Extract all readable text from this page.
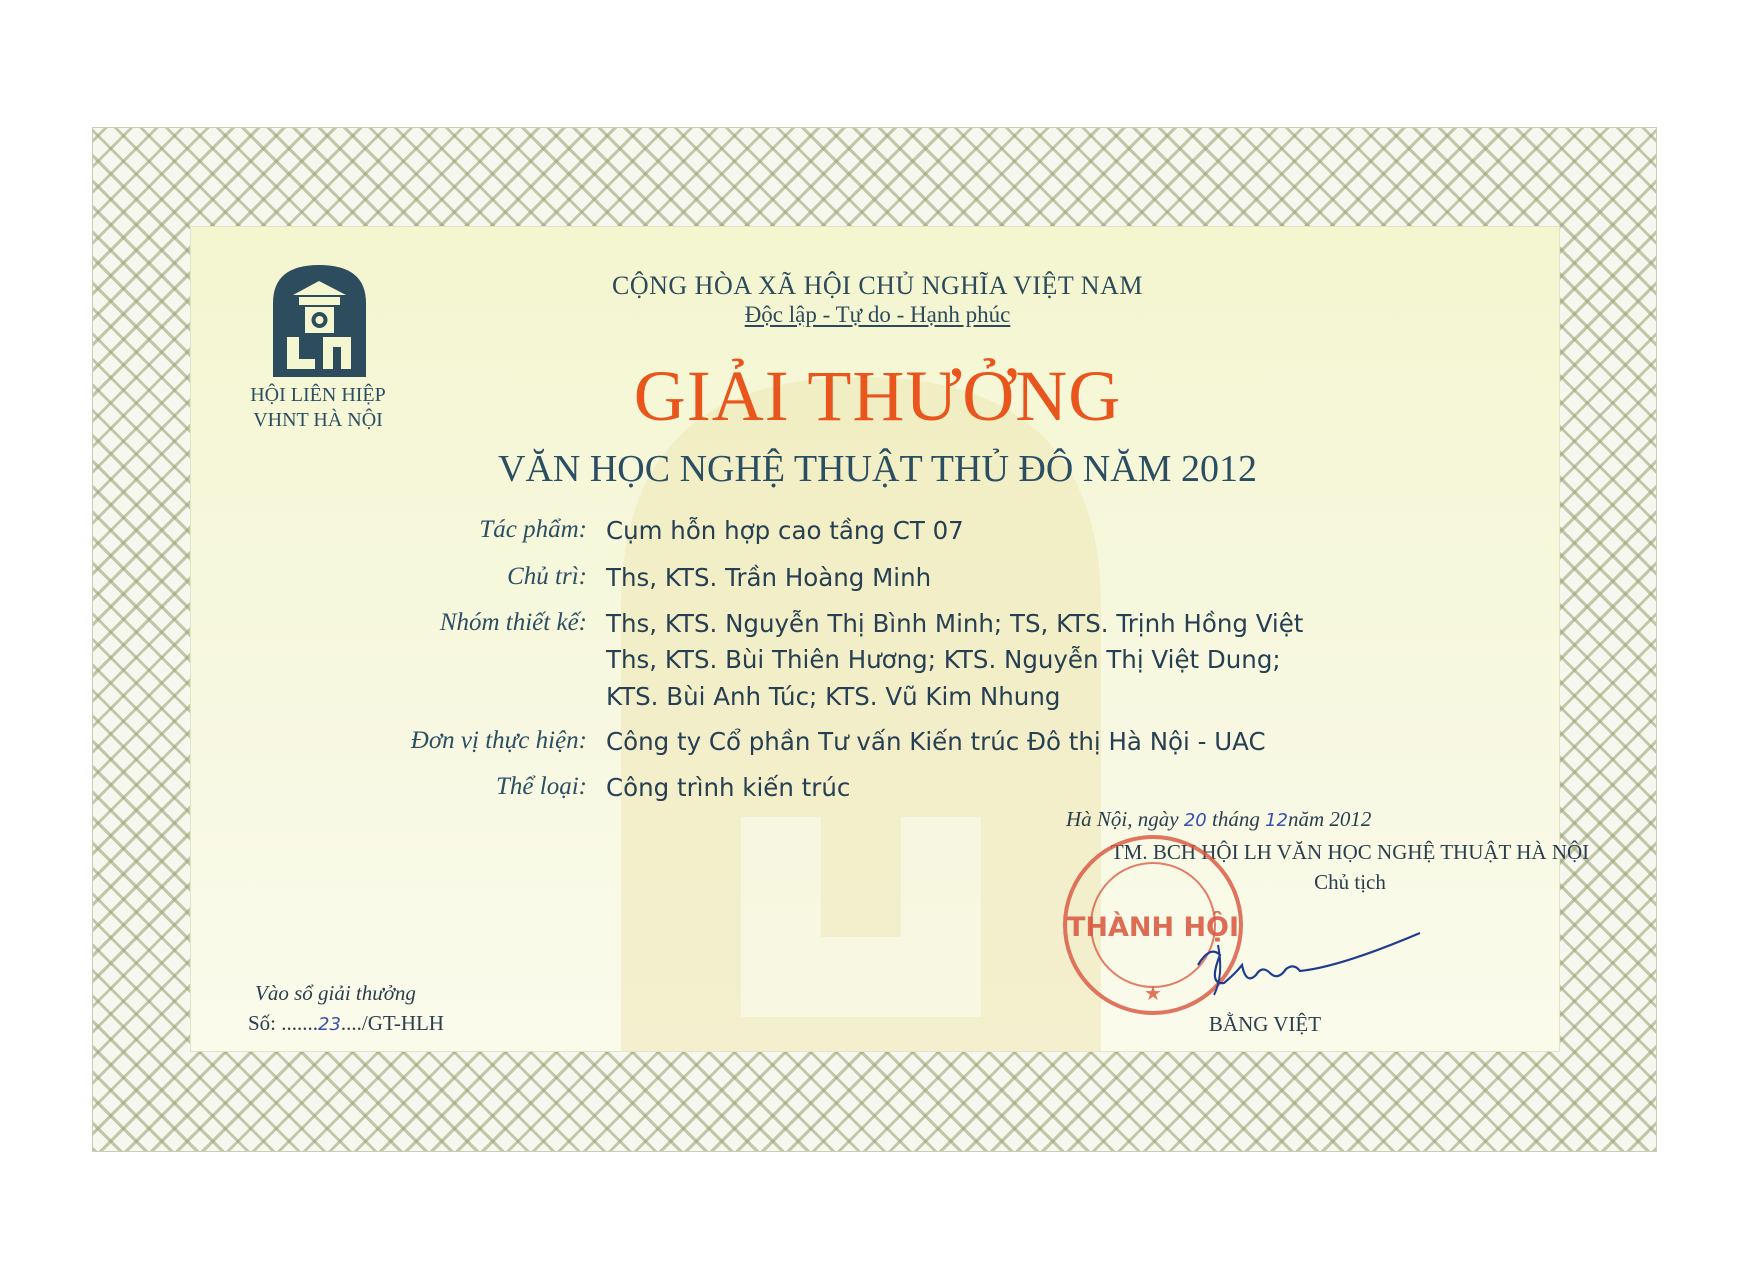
HỘI LIÊN HIỆP
VHNT HÀ NỘI
CỘNG HÒA XÃ HỘI CHỦ NGHĨA VIỆT NAM
Độc lập - Tự do - Hạnh phúc
GIẢI THƯỞNG
VĂN HỌC NGHỆ THUẬT THỦ ĐÔ NĂM 2012
Tác phẩm: Cụm hỗn hợp cao tầng CT 07
Chủ trì: Ths, KTS. Trần Hoàng Minh
Nhóm thiết kế: Ths, KTS. Nguyễn Thị Bình Minh; TS, KTS. Trịnh Hồng Việt
Ths, KTS. Bùi Thiên Hương; KTS. Nguyễn Thị Việt Dung;
KTS. Bùi Anh Túc; KTS. Vũ Kim Nhung
Đơn vị thực hiện: Công ty Cổ phần Tư vấn Kiến trúc Đô thị Hà Nội - UAC
Thể loại: Công trình kiến trúc
Hà Nội, ngày 20 tháng 12năm 2012
TM. BCH HỘI LH VĂN HỌC NGHỆ THUẬT HÀ NỘI
Chủ tịch
THÀNH HỘI
★
BẰNG VIỆT
Vào sổ giải thưởng
Số: .......23..../GT-HLH
